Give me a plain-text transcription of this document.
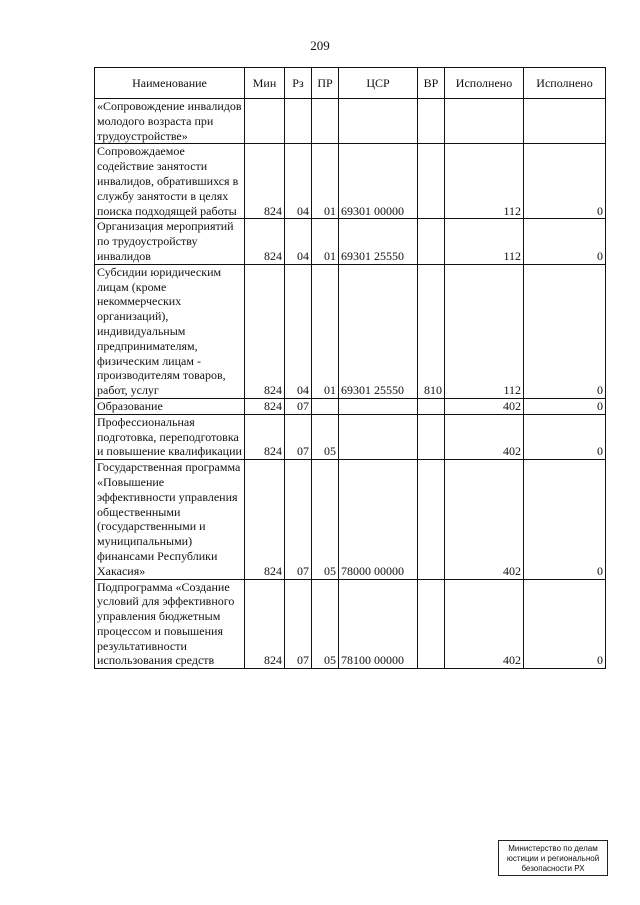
209
Наименование	Мин	Рз	ПР	ЦСР	ВР	Исполнено	Исполнено
«Сопровождение инвалидов молодого возраста при трудоустройстве»							
Сопровождаемое содействие занятости инвалидов, обратившихся в службу занятости в целях поиска подходящей работы	824	04	01	69301 00000		112	0
Организация мероприятий по трудоустройству инвалидов	824	04	01	69301 25550		112	0
Субсидии юридическим лицам (кроме некоммерческих организаций), индивидуальным предпринимателям, физическим лицам - производителям товаров, работ, услуг	824	04	01	69301 25550	810	112	0
Образование	824	07				402	0
Профессиональная подготовка, переподготовка и повышение квалификации	824	07	05			402	0
Государственная программа «Повышение эффективности управления общественными (государственными и муниципальными) финансами Республики Хакасия»	824	07	05	78000 00000		402	0
Подпрограмма «Создание условий для эффективного управления бюджетным процессом и повышения результативности использования средств	824	07	05	78100 00000		402	0
Министерство по делам
юстиции и региональной
безопасности РХ
